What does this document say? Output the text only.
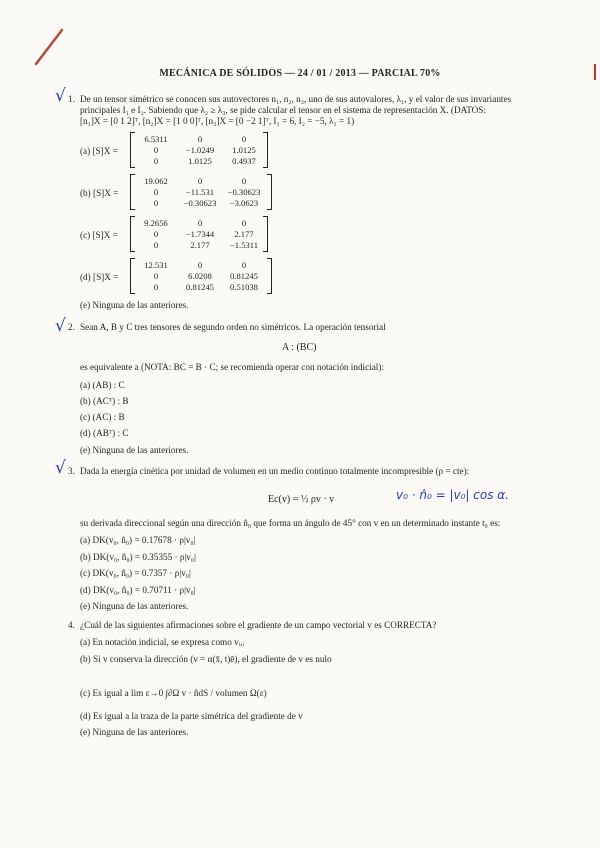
MECÁNICA DE SÓLIDOS — 24 / 01 / 2013 — PARCIAL 70%
√ 1. De un tensor simétrico se conocen sus autovectores n₁, n₂, n₃, uno de sus autovalores, λ₁, y el valor de sus invariantes
principales I₁ e I₂. Sabiendo que λ₂ ≥ λ₃, se pide calcular el tensor en el sistema de representación X. (DATOS:
[n₁]X = [0 1 2]ᵀ, [n₂]X = [1 0 0]ᵀ, [n₃]X = [0 −2 1]ᵀ, I₁ = 6, I₂ = −5, λ₁ = 1)
(a) [S]X =
6.5311	0	0
0	−1.0249	1.0125
0	1.0125	0.4937
(b) [S]X =
19.062	0	0
0	−11.531	−0.30623
0	−0.30623	−3.0623
(c) [S]X =
9.2656	0	0
0	−1.7344	2.177
0	2.177	−1.5311
(d) [S]X =
12.531	0	0
0	6.0208	0.81245
0	0.81245	0.51038
(e) Ninguna de las anteriores.
√ 2. Sean A, B y C tres tensores de segundo orden no simétricos. La operación tensorial
A : (BC)
es equivalente a (NOTA: BC = B · C; se recomienda operar con notación indicial):
(a) (AB) : C
(b) (ACᵀ) : B
(c) (AC) : B
(d) (ABᵀ) : C
(e) Ninguna de las anteriores.
√ 3. Dada la energía cinética por unidad de volumen en un medio continuo totalmente incompresible (ρ = cte):
Ec(v) = ½ ρv · v	v₀ · n̂₀ = |v₀| cos α.
su derivada direccional según una dirección n̂₀ que forma un ángulo de 45° con v en un determinado instante t₀ es:
(a) DK(v₀, n̂₀) = 0.17678 · ρ|v₀|
(b) DK(v₀, n̂₀) = 0.35355 · ρ|v₀|
(c) DK(v₀, n̂₀) = 0.7357 · ρ|v₀|
(d) DK(v₀, n̂₀) = 0.70711 · ρ|v₀|
(e) Ninguna de las anteriores.
4. ¿Cuál de las siguientes afirmaciones sobre el gradiente de un campo vectorial v es CORRECTA?
(a) En notación indicial, se expresa como vᵢ,ᵢ
(b) Si v conserva la dirección (v = α(x̄, t)ē), el gradiente de v es nulo
(c) Es igual a lim ε→0 ∫∂Ω v · n̂dS / volumen Ω(ε)
(d) Es igual a la traza de la parte simétrica del gradiente de v
(e) Ninguna de las anteriores.
